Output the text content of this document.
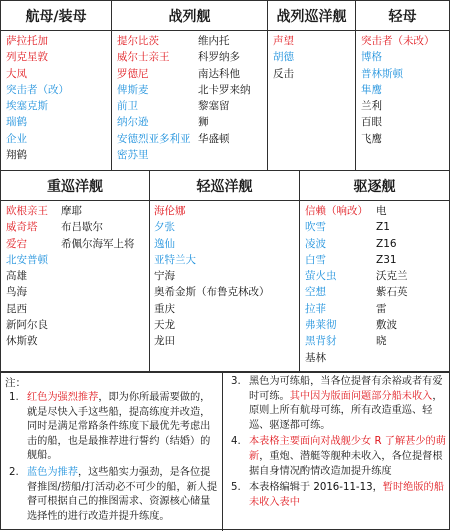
航母/装母
萨拉托加
列克星敦
大凤
突击者（改）
埃塞克斯
瑞鹤
企业
翔鹤
战列舰
提尔比茨
威尔士亲王
罗德尼
俾斯麦
前卫
纳尔逊
安德烈亚多利亚
密苏里
维内托
科罗纳多
南达科他
北卡罗来纳
黎塞留
狮
华盛顿
战列巡洋舰
声望
胡德
反击
轻母
突击者（未改）
博格
普林斯顿
隼鹰
兰利
百眼
飞鹰
重巡洋舰
欧根亲王
威奇塔
爱宕
北安普顿
高雄
鸟海
昆西
新阿尔良
休斯敦
摩耶
布吕歇尔
希佩尔海军上将
轻巡洋舰
海伦娜
夕张
逸仙
亚特兰大
宁海
奥希金斯（布鲁克林改）
重庆
天龙
龙田
驱逐舰
信赖（响改）
吹雪
凌波
白雪
萤火虫
空想
拉菲
弗莱彻
黑背豺
基林
电
Z1
Z16
Z31
沃克兰
紫石英
雷
敷波
晓
注：
1. 红色为强烈推荐，即为你所最需要做的，就是尽快入手这些船，提高练度并改造，同时是满足常路条件练度下最优先考虑出击的船，也是最推荐进行誓约（结婚）的舰船。
2. 蓝色为推荐，这些船实力强劲，是各位提督推图/捞船/打活动必不可少的船，新人提督可根据自己的推图需求、资源核心储量选择性的进行改造并提升练度。
3. 黑色为可练船，当各位提督有余裕或者有爱时可练。其中因为版面问题部分船未收入，原则上所有航母可练，所有改造重巡、轻巡、驱逐都可练。
4. 本表格主要面向对战舰少女 R 了解甚少的萌新，重炮、潜艇等舰种未收入，各位提督根据自身情况酌情改造加提升练度
5. 本表格编辑于 2016-11-13，暂时绝版的船未收入表中
